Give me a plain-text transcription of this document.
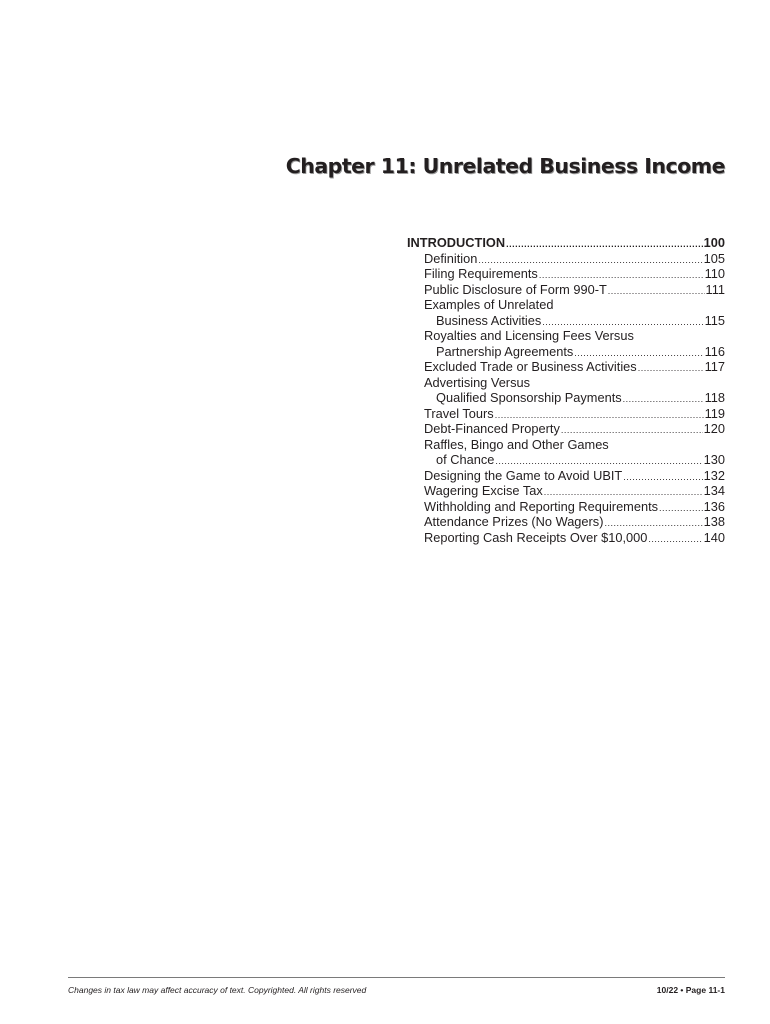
Chapter 11: Unrelated Business Income
INTRODUCTION .....	100
Definition .....	105
Filing Requirements .....	110
Public Disclosure of Form 990-T .....	111
Examples of Unrelated
Business Activities .....	115
Royalties and Licensing Fees Versus
Partnership Agreements .....	116
Excluded Trade or Business Activities .....	117
Advertising Versus
Qualified Sponsorship Payments .....	118
Travel Tours .....	119
Debt-Financed Property .....	120
Raffles, Bingo and Other Games
of Chance .....	130
Designing the Game to Avoid UBIT .....	132
Wagering Excise Tax .....	134
Withholding and Reporting Requirements .....	136
Attendance Prizes (No Wagers) .....	138
Reporting Cash Receipts Over $10,000 .....	140
Changes in tax law may affect accuracy of text. Copyrighted. All rights reserved	10/22 • Page 11-1
